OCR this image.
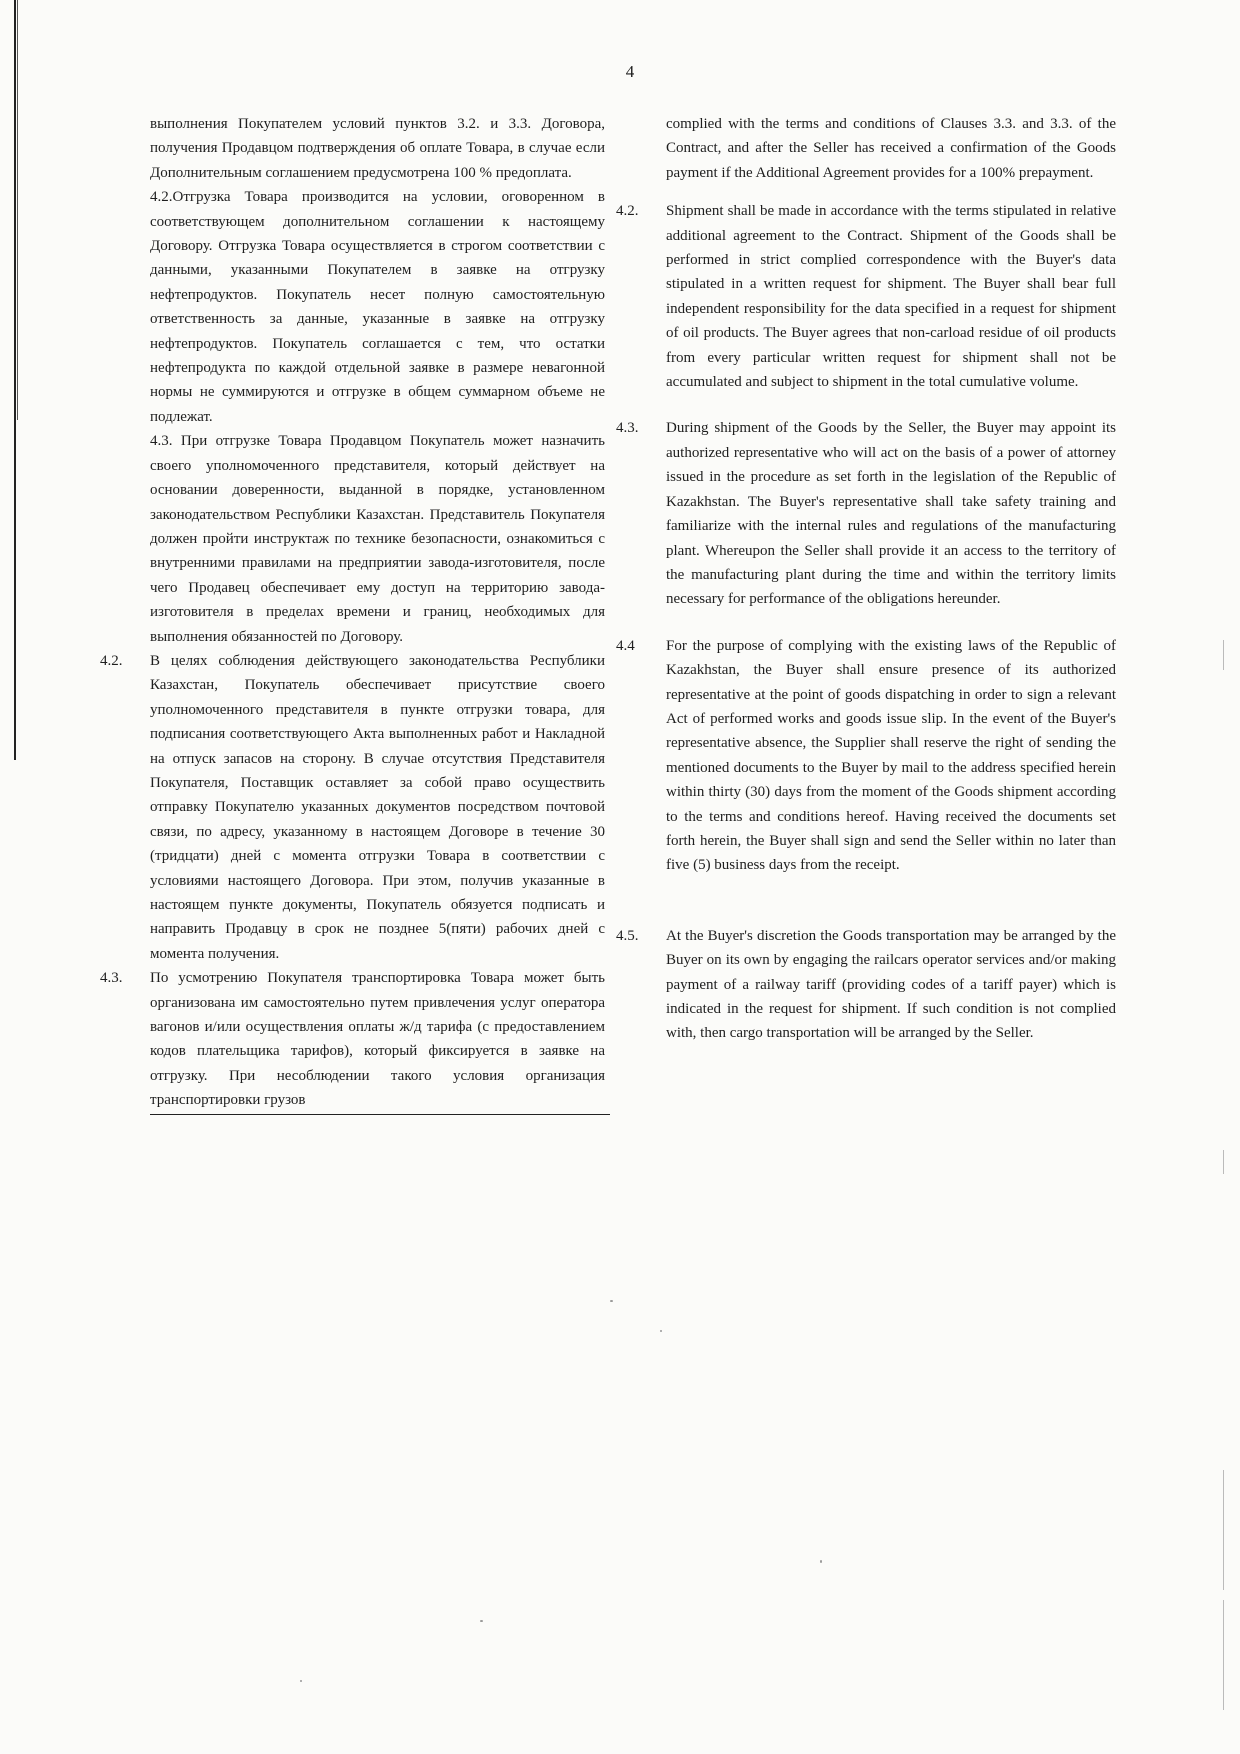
4
выполнения Покупателем условий пунктов 3.2. и 3.3. Договора, получения Продавцом подтверждения об оплате Товара, в случае если Дополнительным соглашением предусмотрена 100 % предоплата.
4.2.Отгрузка Товара производится на условии, оговоренном в соответствующем дополнительном соглашении к настоящему Договору. Отгрузка Товара осуществляется в строгом соответствии с данными, указанными Покупателем в заявке на отгрузку нефтепродуктов. Покупатель несет полную самостоятельную ответственность за данные, указанные в заявке на отгрузку нефтепродуктов. Покупатель соглашается с тем, что остатки нефтепродукта по каждой отдельной заявке в размере невагонной нормы не суммируются и отгрузке в общем суммарном объеме не подлежат.
4.3. При отгрузке Товара Продавцом Покупатель может назначить своего уполномоченного представителя, который действует на основании доверенности, выданной в порядке, установленном законодательством Республики Казахстан. Представитель Покупателя должен пройти инструктаж по технике безопасности, ознакомиться с внутренними правилами на предприятии завода-изготовителя, после чего Продавец обеспечивает ему доступ на территорию завода-изготовителя в пределах времени и границ, необходимых для выполнения обязанностей по Договору.
4.2. В целях соблюдения действующего законодательства Республики Казахстан, Покупатель обеспечивает присутствие своего уполномоченного представителя в пункте отгрузки товара, для подписания соответствующего Акта выполненных работ и Накладной на отпуск запасов на сторону. В случае отсутствия Представителя Покупателя, Поставщик оставляет за собой право осуществить отправку Покупателю указанных документов посредством почтовой связи, по адресу, указанному в настоящем Договоре в течение 30 (тридцати) дней с момента отгрузки Товара в соответствии с условиями настоящего Договора. При этом, получив указанные в настоящем пункте документы, Покупатель обязуется подписать и направить Продавцу в срок не позднее 5(пяти) рабочих дней с момента получения.
4.3. По усмотрению Покупателя транспортировка Товара может быть организована им самостоятельно путем привлечения услуг оператора вагонов и/или осуществления оплаты ж/д тарифа (с предоставлением кодов плательщика тарифов), который фиксируется в заявке на отгрузку. При несоблюдении такого условия организация транспортировки грузов
complied with the terms and conditions of Clauses 3.3. and 3.3. of the Contract, and after the Seller has received a confirmation of the Goods payment if the Additional Agreement provides for a 100% prepayment.
4.2. Shipment shall be made in accordance with the terms stipulated in relative additional agreement to the Contract. Shipment of the Goods shall be performed in strict complied correspondence with the Buyer's data stipulated in a written request for shipment. The Buyer shall bear full independent responsibility for the data specified in a request for shipment of oil products. The Buyer agrees that non-carload residue of oil products from every particular written request for shipment shall not be accumulated and subject to shipment in the total cumulative volume.
4.3. During shipment of the Goods by the Seller, the Buyer may appoint its authorized representative who will act on the basis of a power of attorney issued in the procedure as set forth in the legislation of the Republic of Kazakhstan. The Buyer's representative shall take safety training and familiarize with the internal rules and regulations of the manufacturing plant. Whereupon the Seller shall provide it an access to the territory of the manufacturing plant during the time and within the territory limits necessary for performance of the obligations hereunder.
4.4 For the purpose of complying with the existing laws of the Republic of Kazakhstan, the Buyer shall ensure presence of its authorized representative at the point of goods dispatching in order to sign a relevant Act of performed works and goods issue slip. In the event of the Buyer's representative absence, the Supplier shall reserve the right of sending the mentioned documents to the Buyer by mail to the address specified herein within thirty (30) days from the moment of the Goods shipment according to the terms and conditions hereof. Having received the documents set forth herein, the Buyer shall sign and send the Seller within no later than five (5) business days from the receipt.
4.5. At the Buyer's discretion the Goods transportation may be arranged by the Buyer on its own by engaging the railcars operator services and/or making payment of a railway tariff (providing codes of a tariff payer) which is indicated in the request for shipment. If such condition is not complied with, then cargo transportation will be arranged by the Seller.
